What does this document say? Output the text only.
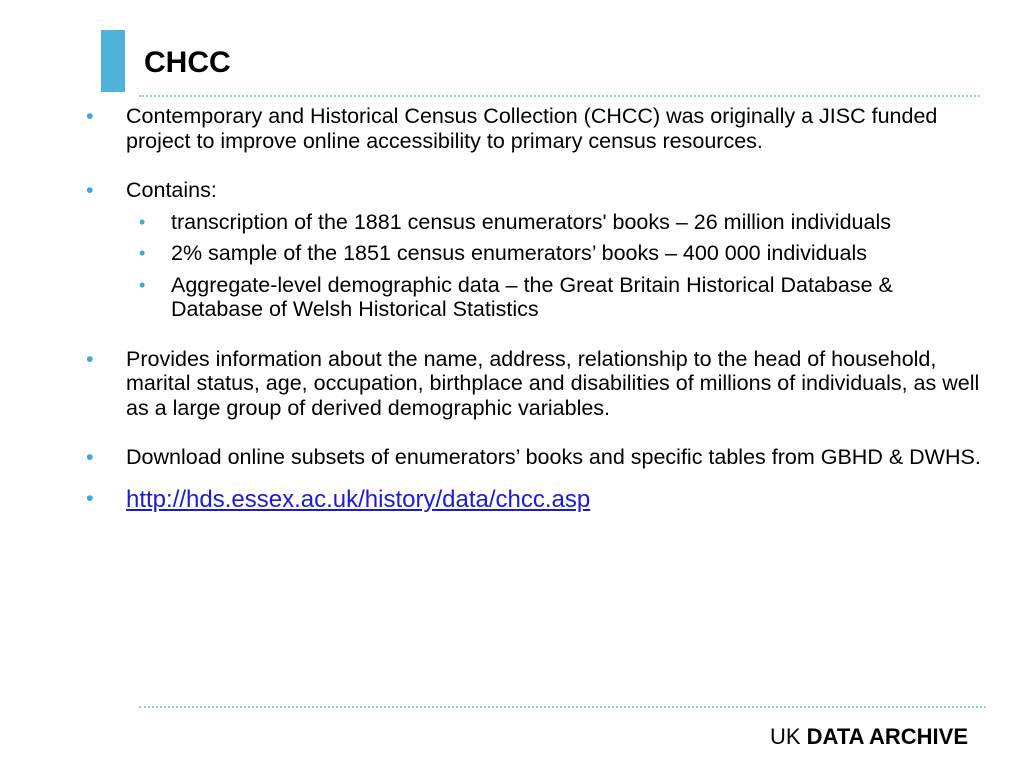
CHCC
•	Contemporary and Historical Census Collection (CHCC) was originally a JISC funded project to improve online accessibility to primary census resources.
•	Contains:
• transcription of the 1881 census enumerators' books – 26 million individuals
• 2% sample of the 1851 census enumerators’ books – 400 000 individuals
• Aggregate-level demographic data – the Great Britain Historical Database & Database of Welsh Historical Statistics
•	Provides information about the name, address, relationship to the head of household, marital status, age, occupation, birthplace and disabilities of millions of individuals, as well as a large group of derived demographic variables.
•	Download online subsets of enumerators’ books and specific tables from GBHD & DWHS.
•	http://hds.essex.ac.uk/history/data/chcc.asp
UK DATA ARCHIVE
